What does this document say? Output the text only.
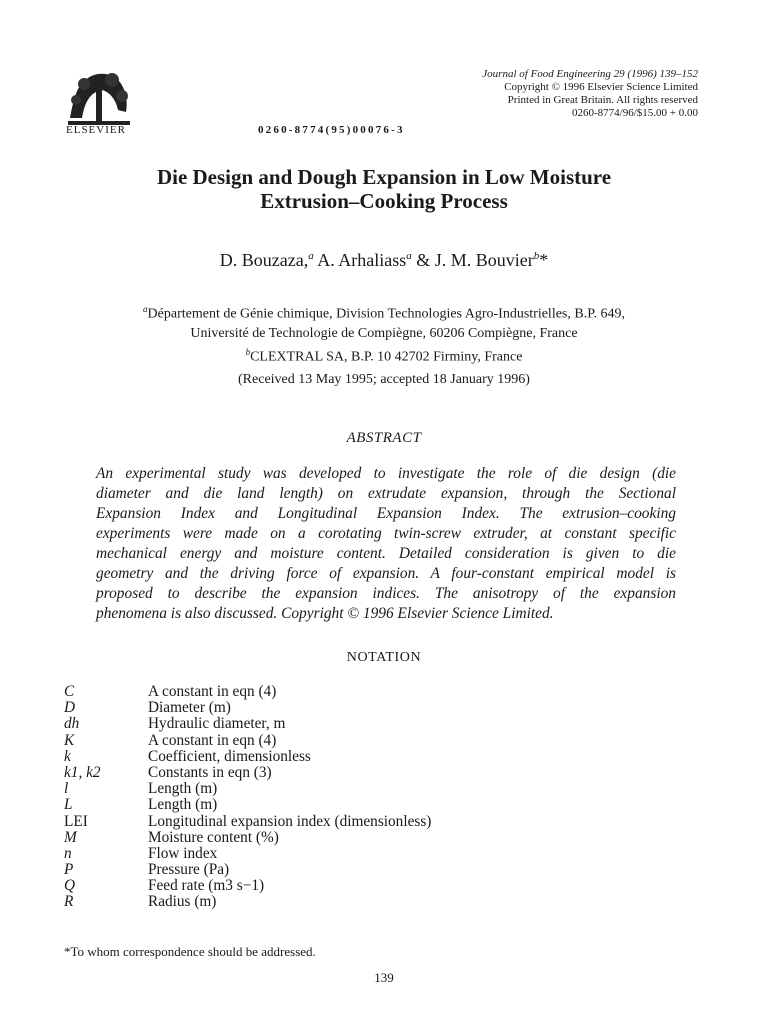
ELSEVIER
Journal of Food Engineering 29 (1996) 139–152
Copyright © 1996 Elsevier Science Limited
Printed in Great Britain. All rights reserved
0260-8774/96/$15.00 + 0.00
0260-8774(95)00076-3
Die Design and Dough Expansion in Low Moisture
Extrusion–Cooking Process
D. Bouzaza,$^a$ A. Arhaliass$^a$ & J. M. Bouvier$^b$*
$^a$Département de Génie chimique, Division Technologies Agro-Industrielles, B.P. 649,
Université de Technologie de Compiègne, 60206 Compiègne, France
$^b$CLEXTRAL SA, B.P. 10 42702 Firminy, France
(Received 13 May 1995; accepted 18 January 1996)
ABSTRACT
An experimental study was developed to investigate the role of die design (die
diameter and die land length) on extrudate expansion, through the Sectional
Expansion Index and Longitudinal Expansion Index. The extrusion–cooking
experiments were made on a corotating twin-screw extruder, at constant specific
mechanical energy and moisture content. Detailed consideration is given to die
geometry and the driving force of expansion. A four-constant empirical model is
proposed to describe the expansion indices. The anisotropy of the expansion
phenomena is also discussed. Copyright © 1996 Elsevier Science Limited.
NOTATION
C	A constant in eqn (4)
D	Diameter (m)
dh	Hydraulic diameter, m
K	A constant in eqn (4)
k	Coefficient, dimensionless
k1, k2	Constants in eqn (3)
l	Length (m)
L	Length (m)
LEI	Longitudinal expansion index (dimensionless)
M	Moisture content (%)
n	Flow index
P	Pressure (Pa)
Q	Feed rate (m3 s−1)
R	Radius (m)
*To whom correspondence should be addressed.
139
